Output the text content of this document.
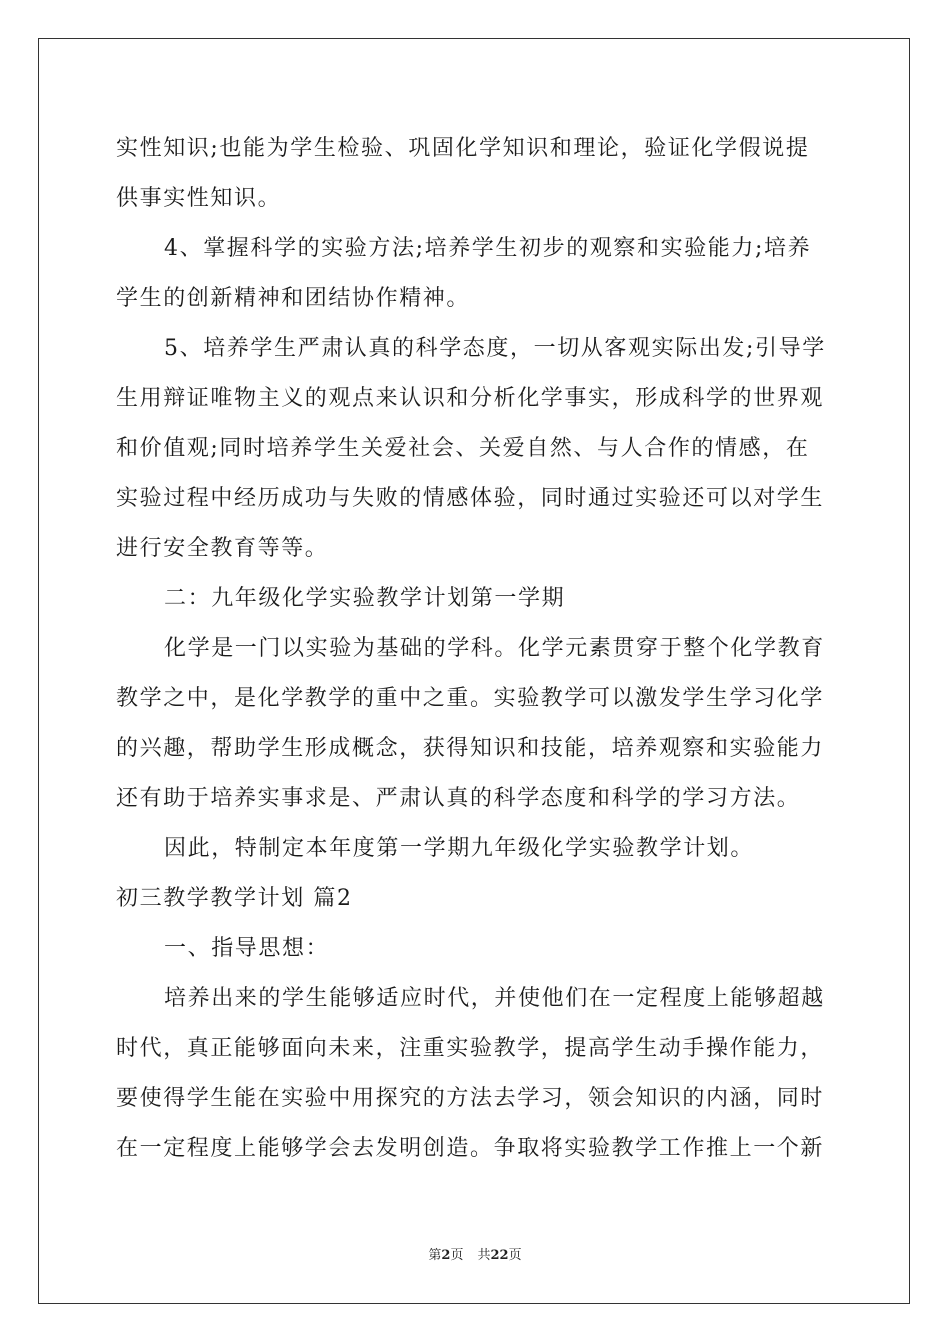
实性知识;也能为学生检验、巩固化学知识和理论，验证化学假说提
供事实性知识。
4、掌握科学的实验方法;培养学生初步的观察和实验能力;培养
学生的创新精神和团结协作精神。
5、培养学生严肃认真的科学态度，一切从客观实际出发;引导学
生用辩证唯物主义的观点来认识和分析化学事实，形成科学的世界观
和价值观;同时培养学生关爱社会、关爱自然、与人合作的情感，在
实验过程中经历成功与失败的情感体验，同时通过实验还可以对学生
进行安全教育等等。
二：九年级化学实验教学计划第一学期
化学是一门以实验为基础的学科。化学元素贯穿于整个化学教育
教学之中，是化学教学的重中之重。实验教学可以激发学生学习化学
的兴趣，帮助学生形成概念，获得知识和技能，培养观察和实验能力
还有助于培养实事求是、严肃认真的科学态度和科学的学习方法。
因此，特制定本年度第一学期九年级化学实验教学计划。
初三教学教学计划 篇2
一、指导思想：
培养出来的学生能够适应时代，并使他们在一定程度上能够超越
时代，真正能够面向未来，注重实验教学，提高学生动手操作能力，
要使得学生能在实验中用探究的方法去学习，领会知识的内涵，同时
在一定程度上能够学会去发明创造。争取将实验教学工作推上一个新
第2页 共22页
